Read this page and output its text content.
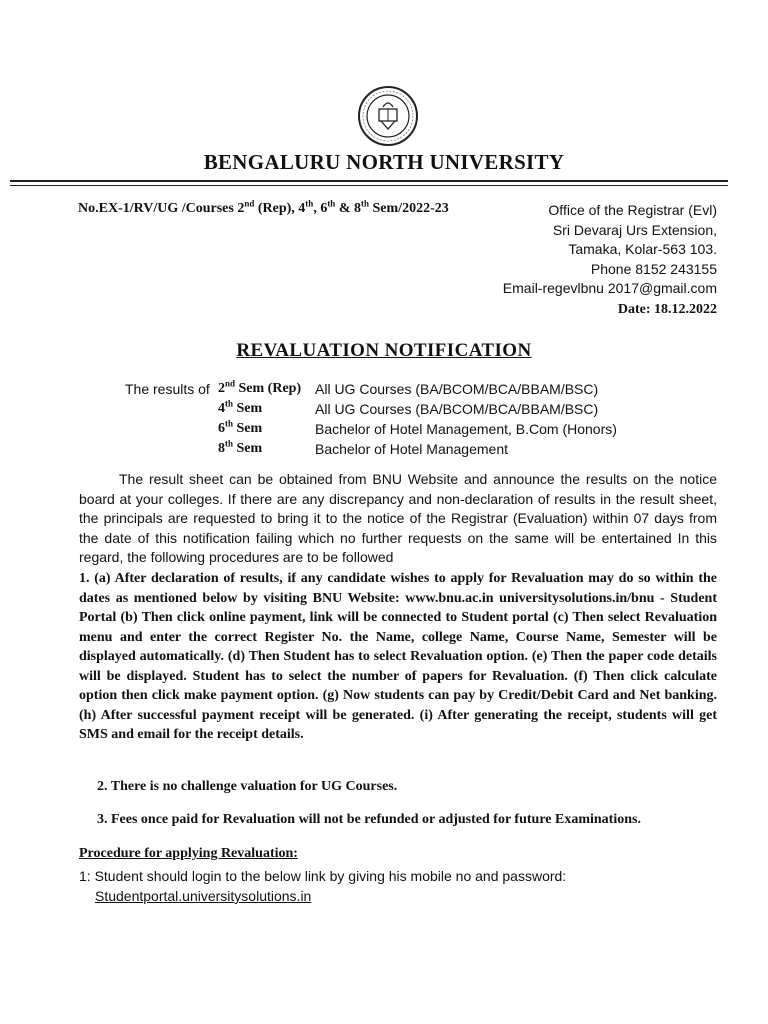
BENGALURU NORTH UNIVERSITY
No.EX-1/RV/UG /Courses 2nd (Rep), 4th, 6th & 8th Sem/2022-23	Office of the Registrar (Evl)
Sri Devaraj Urs Extension,
Tamaka, Kolar-563 103.
Phone 8152 243155
Email-regevlbnu 2017@gmail.com
Date: 18.12.2022
REVALUATION NOTIFICATION
The results of 2nd Sem (Rep) All UG Courses (BA/BCOM/BCA/BBAM/BSC)
4th Sem	All UG Courses (BA/BCOM/BCA/BBAM/BSC)
6th Sem	Bachelor of Hotel Management, B.Com (Honors)
8th Sem	Bachelor of Hotel Management
The result sheet can be obtained from BNU Website and announce the results on the notice board at your colleges. If there are any discrepancy and non-declaration of results in the result sheet, the principals are requested to bring it to the notice of the Registrar (Evaluation) within 07 days from the date of this notification failing which no further requests on the same will be entertained In this regard, the following procedures are to be followed
1. (a) After declaration of results, if any candidate wishes to apply for Revaluation may do so within the dates as mentioned below by visiting BNU Website: www.bnu.ac.in universitysolutions.in/bnu - Student Portal (b) Then click online payment, link will be connected to Student portal (c) Then select Revaluation menu and enter the correct Register No. the Name, college Name, Course Name, Semester will be displayed automatically. (d) Then Student has to select Revaluation option. (e) Then the paper code details will be displayed. Student has to select the number of papers for Revaluation. (f) Then click calculate option then click make payment option. (g) Now students can pay by Credit/Debit Card and Net banking. (h) After successful payment receipt will be generated. (i) After generating the receipt, students will get SMS and email for the receipt details.
2. There is no challenge valuation for UG Courses.
3. Fees once paid for Revaluation will not be refunded or adjusted for future Examinations.
Procedure for applying Revaluation:
1: Student should login to the below link by giving his mobile no and password:
Studentportal.universitysolutions.in
